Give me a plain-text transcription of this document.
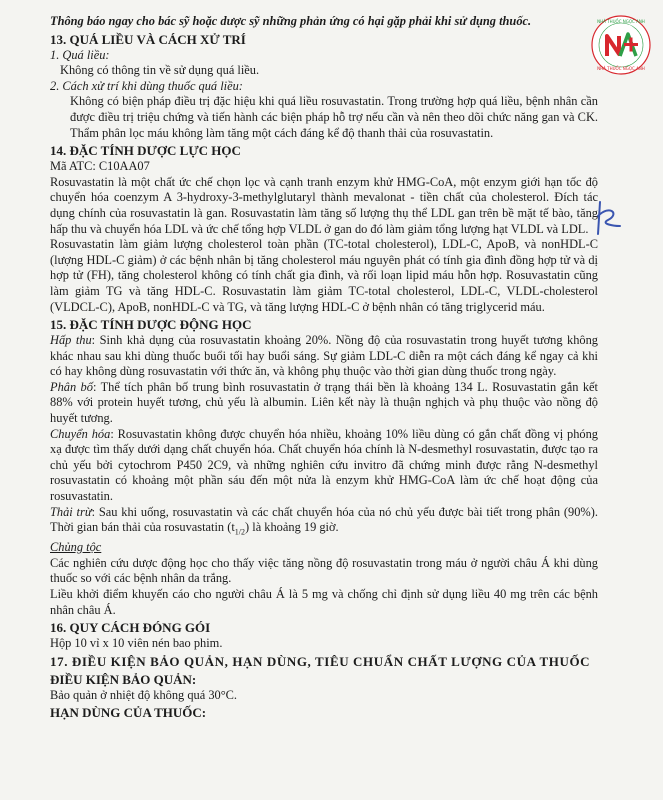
NHÀ THUỐC NGỌC ANH
NHÀ THUỐC NGỌC ANH

Thông báo ngay cho bác sỹ hoặc dược sỹ những phản ứng có hại gặp phải khi sử dụng thuốc.

13. QUÁ LIỀU VÀ CÁCH XỬ TRÍ

1. Quá liều:

Không có thông tin về sử dụng quá liều.

2. Cách xử trí khi dùng thuốc quá liều:

Không có biện pháp điều trị đặc hiệu khi quá liều rosuvastatin. Trong trường hợp quá liều, bệnh nhân cần được điều trị triệu chứng và tiến hành các biện pháp hỗ trợ nếu cần và nên theo dõi chức năng gan và CK. Thẩm phân lọc máu không làm tăng một cách đáng kể độ thanh thải của rosuvastatin.

14. ĐẶC TÍNH DƯỢC LỰC HỌC

Mã ATC: C10AA07

Rosuvastatin là một chất ức chế chọn lọc và cạnh tranh enzym khử HMG-CoA, một enzym giới hạn tốc độ chuyển hóa coenzym A 3-hydroxy-3-methylglutaryl thành mevalonat - tiền chất của cholesterol. Đích tác dụng chính của rosuvastatin là gan. Rosuvastatin làm tăng số lượng thụ thể LDL gan trên bề mặt tế bào, tăng hấp thu và chuyển hóa LDL và ức chế tổng hợp VLDL ở gan do đó làm giảm tổng lượng hạt VLDL và LDL.

Rosuvastatin làm giảm lượng cholesterol toàn phần (TC-total cholesterol), LDL-C, ApoB, và nonHDL-C (lượng HDL-C giảm) ở các bệnh nhân bị tăng cholesterol máu nguyên phát có tính gia đình đồng hợp tử và dị hợp tử (FH), tăng cholesterol không có tính chất gia đình, và rối loạn lipid máu hỗn hợp. Rosuvastatin cũng làm giảm TG và tăng HDL-C. Rosuvastatin làm giảm TC-total cholesterol, LDL-C, VLDL-cholesterol (VLDCL-C), ApoB, nonHDL-C và TG, và tăng lượng HDL-C ở bệnh nhân có tăng triglycerid máu.

15. ĐẶC TÍNH DƯỢC ĐỘNG HỌC

Hấp thu: Sinh khả dụng của rosuvastatin khoảng 20%. Nồng độ của rosuvastatin trong huyết tương không khác nhau sau khi dùng thuốc buổi tối hay buổi sáng. Sự giảm LDL-C diễn ra một cách đáng kể ngay cả khi có hay không dùng rosuvastatin với thức ăn, và không phụ thuộc vào thời gian dùng thuốc trong ngày.

Phân bố: Thể tích phân bố trung bình rosuvastatin ở trạng thái bền là khoảng 134 L. Rosuvastatin gắn kết 88% với protein huyết tương, chủ yếu là albumin. Liên kết này là thuận nghịch và phụ thuộc vào nồng độ huyết tương.

Chuyển hóa: Rosuvastatin không được chuyển hóa nhiều, khoảng 10% liều dùng có gắn chất đồng vị phóng xạ được tìm thấy dưới dạng chất chuyển hóa. Chất chuyển hóa chính là N-desmethyl rosuvastatin, được tạo ra chủ yếu bởi cytochrom P450 2C9, và những nghiên cứu invitro đã chứng minh được rằng N-desmethyl rosuvastatin có khoảng một phần sáu đến một nửa là enzym khử HMG-CoA làm ức chế hoạt động của rosuvastatin.

Thải trừ: Sau khi uống, rosuvastatin và các chất chuyển hóa của nó chủ yếu được bài tiết trong phân (90%). Thời gian bán thải của rosuvastatin $(t_{1/2})$ là khoảng 19 giờ.

Chủng tộc

Các nghiên cứu dược động học cho thấy việc tăng nồng độ rosuvastatin trong máu ở người châu Á khi dùng thuốc so với các bệnh nhân da trắng.

Liều khởi điểm khuyến cáo cho người châu Á là 5 mg và chống chỉ định sử dụng liều 40 mg trên các bệnh nhân châu Á.

16. QUY CÁCH ĐÓNG GÓI

Hộp 10 vỉ x 10 viên nén bao phim.

17. ĐIỀU KIỆN BẢO QUẢN, HẠN DÙNG, TIÊU CHUẨN CHẤT LƯỢNG CỦA THUỐC

ĐIỀU KIỆN BẢO QUẢN:

Bảo quản ở nhiệt độ không quá 30°C.

HẠN DÙNG CỦA THUỐC:
